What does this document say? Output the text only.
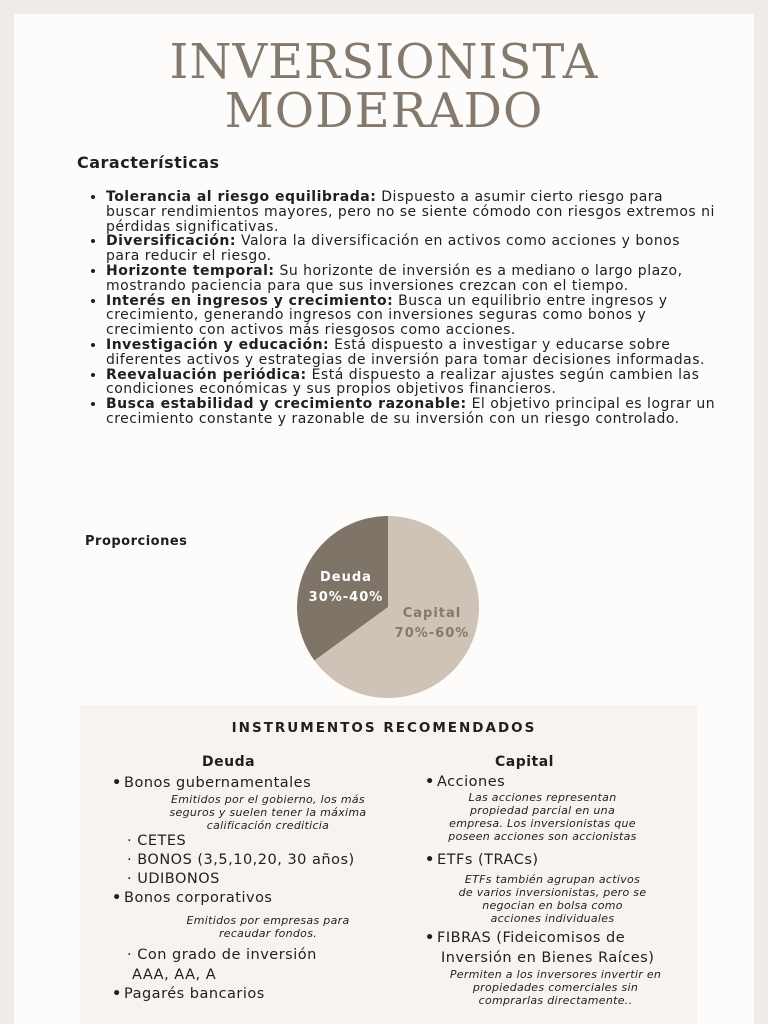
INVERSIONISTA
MODERADO
Características
• Tolerancia al riesgo equilibrada: Dispuesto a asumir cierto riesgo para buscar rendimientos mayores, pero no se siente cómodo con riesgos extremos ni pérdidas significativas.
• Diversificación: Valora la diversificación en activos como acciones y bonos para reducir el riesgo.
• Horizonte temporal: Su horizonte de inversión es a mediano o largo plazo, mostrando paciencia para que sus inversiones crezcan con el tiempo.
• Interés en ingresos y crecimiento: Busca un equilibrio entre ingresos y crecimiento, generando ingresos con inversiones seguras como bonos y crecimiento con activos más riesgosos como acciones.
• Investigación y educación: Está dispuesto a investigar y educarse sobre diferentes activos y estrategias de inversión para tomar decisiones informadas.
• Reevaluación periódica: Está dispuesto a realizar ajustes según cambien las condiciones económicas y sus propios objetivos financieros.
• Busca estabilidad y crecimiento razonable: El objetivo principal es lograr un crecimiento constante y razonable de su inversión con un riesgo controlado.
Proporciones
Deuda
30%-40%
Capital
70%-60%
INSTRUMENTOS RECOMENDADOS
Deuda	Capital
• Bonos gubernamentales
Emitidos por el gobierno, los más
seguros y suelen tener la máxima
calificación crediticia
· CETES
· BONOS (3,5,10,20, 30 años)
· UDIBONOS
• Bonos corporativos
Emitidos por empresas para
recaudar fondos.
· Con grado de inversión
AAA, AA, A
• Pagarés bancarios
• Acciones
Las acciones representan
propiedad parcial en una
empresa. Los inversionistas que
poseen acciones son accionistas
• ETFs (TRACs)
ETFs también agrupan activos
de varios inversionistas, pero se
negocian en bolsa como
acciones individuales
• FIBRAS (Fideicomisos de
Inversión en Bienes Raíces)
Permiten a los inversores invertir en
propiedades comerciales sin
comprarlas directamente..
